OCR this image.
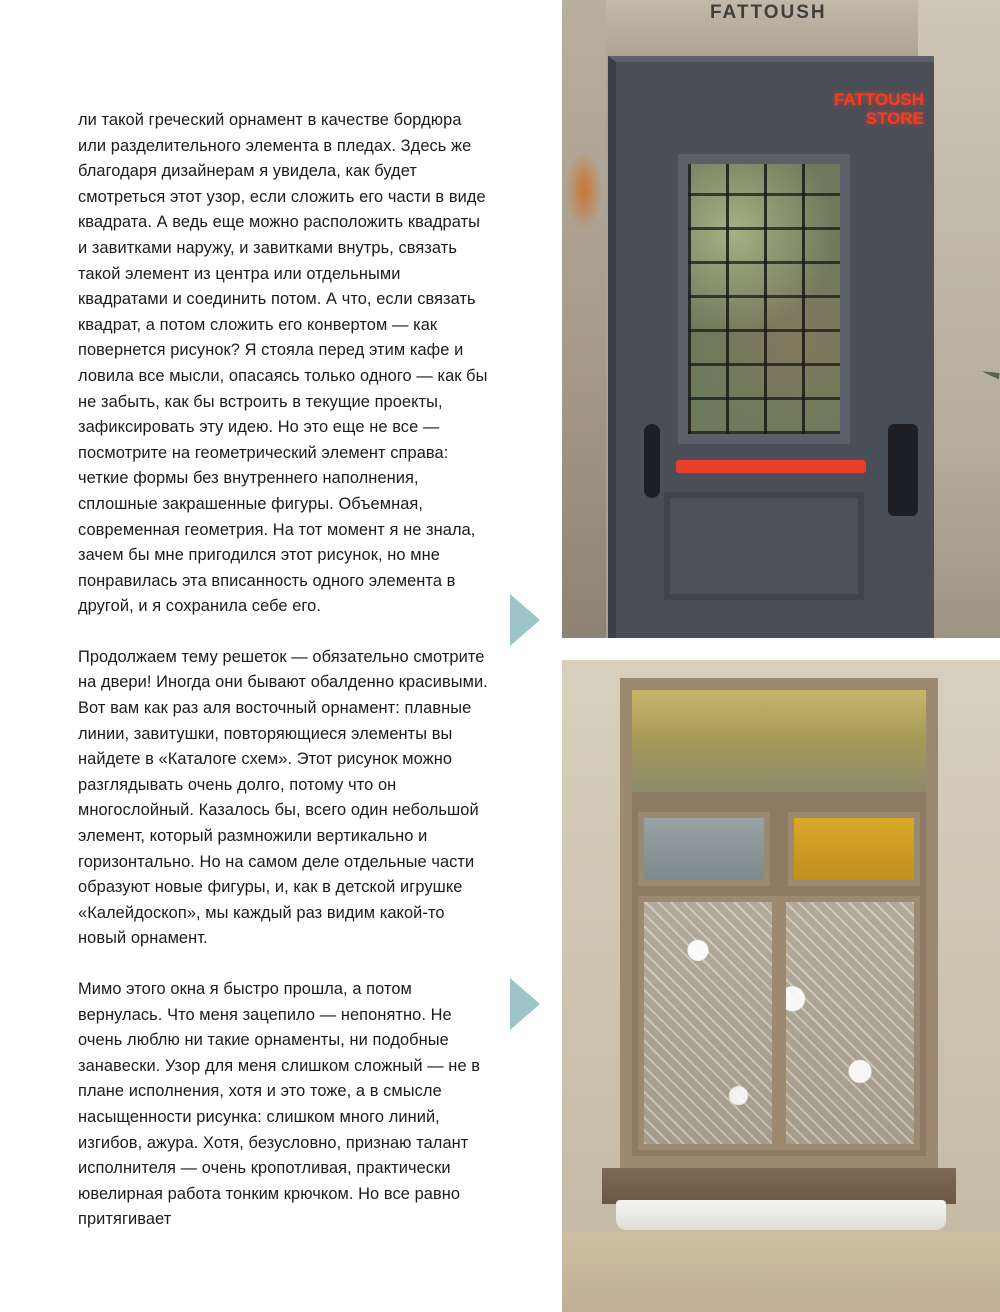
ли такой греческий орнамент в качестве бордюра или разделительного элемента в пледах. Здесь же благодаря дизайнерам я увидела, как будет смотреться этот узор, если сложить его части в виде квадрата. А ведь еще можно расположить квадраты и завитками наружу, и завитками внутрь, связать такой элемент из центра или отдельными квадратами и соединить потом. А что, если связать квадрат, а потом сложить его конвертом — как повернется рисунок? Я стояла перед этим кафе и ловила все мысли, опасаясь только одного — как бы не забыть, как бы встроить в текущие проекты, зафиксировать эту идею. Но это еще не все — посмотрите на геометрический элемент справа: четкие формы без внутреннего наполнения, сплошные закрашенные фигуры. Объемная, современная геометрия. На тот момент я не знала, зачем бы мне пригодился этот рисунок, но мне понравилась эта вписанность одного элемента в другой, и я сохранила себе его.

Продолжаем тему решеток — обязательно смотрите на двери! Иногда они бывают обалденно красивыми. Вот вам как раз аля восточный орнамент: плавные линии, завитушки, повторяющиеся элементы вы найдете в «Каталоге схем». Этот рисунок можно разглядывать очень долго, потому что он многослойный. Казалось бы, всего один небольшой элемент, который размножили вертикально и горизонтально. Но на самом деле отдельные части образуют новые фигуры, и, как в детской игрушке «Калейдоскоп», мы каждый раз видим какой-то новый орнамент.

Мимо этого окна я быстро прошла, а потом вернулась. Что меня зацепило — непонятно. Не очень люблю ни такие орнаменты, ни подобные занавески. Узор для меня слишком сложный — не в плане исполнения, хотя и это тоже, а в смысле насыщенности рисунка: слишком много линий, изгибов, ажура. Хотя, безусловно, признаю талант исполнителя — очень кропотливая, практически ювелирная работа тонким крючком. Но все равно притягивает

FATTOUSH
FATTOUSH
STORE
